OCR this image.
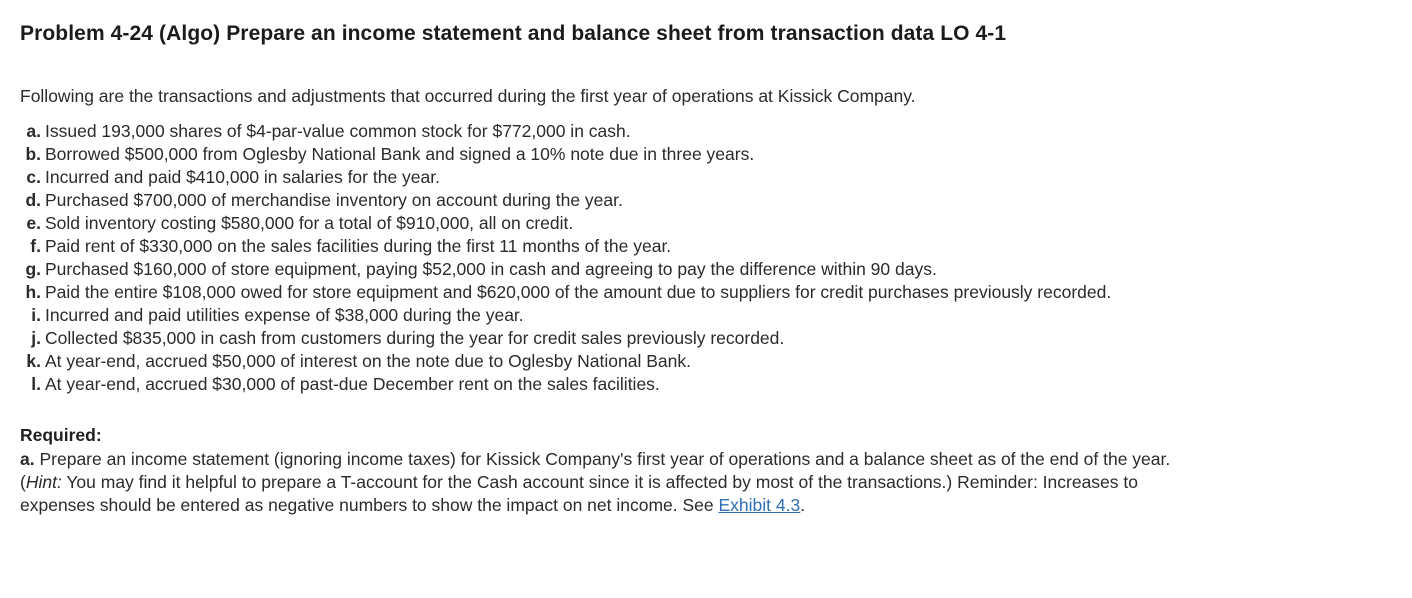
Problem 4-24 (Algo) Prepare an income statement and balance sheet from transaction data LO 4-1

Following are the transactions and adjustments that occurred during the first year of operations at Kissick Company.

a. Issued 193,000 shares of $4-par-value common stock for $772,000 in cash.
b. Borrowed $500,000 from Oglesby National Bank and signed a 10% note due in three years.
c. Incurred and paid $410,000 in salaries for the year.
d. Purchased $700,000 of merchandise inventory on account during the year.
e. Sold inventory costing $580,000 for a total of $910,000, all on credit.
f. Paid rent of $330,000 on the sales facilities during the first 11 months of the year.
g. Purchased $160,000 of store equipment, paying $52,000 in cash and agreeing to pay the difference within 90 days.
h. Paid the entire $108,000 owed for store equipment and $620,000 of the amount due to suppliers for credit purchases previously recorded.
i. Incurred and paid utilities expense of $38,000 during the year.
j. Collected $835,000 in cash from customers during the year for credit sales previously recorded.
k. At year-end, accrued $50,000 of interest on the note due to Oglesby National Bank.
l. At year-end, accrued $30,000 of past-due December rent on the sales facilities.

Required:

a. Prepare an income statement (ignoring income taxes) for Kissick Company's first year of operations and a balance sheet as of the end of the year. (Hint: You may find it helpful to prepare a T-account for the Cash account since it is affected by most of the transactions.) Reminder: Increases to expenses should be entered as negative numbers to show the impact on net income. See Exhibit 4.3.
